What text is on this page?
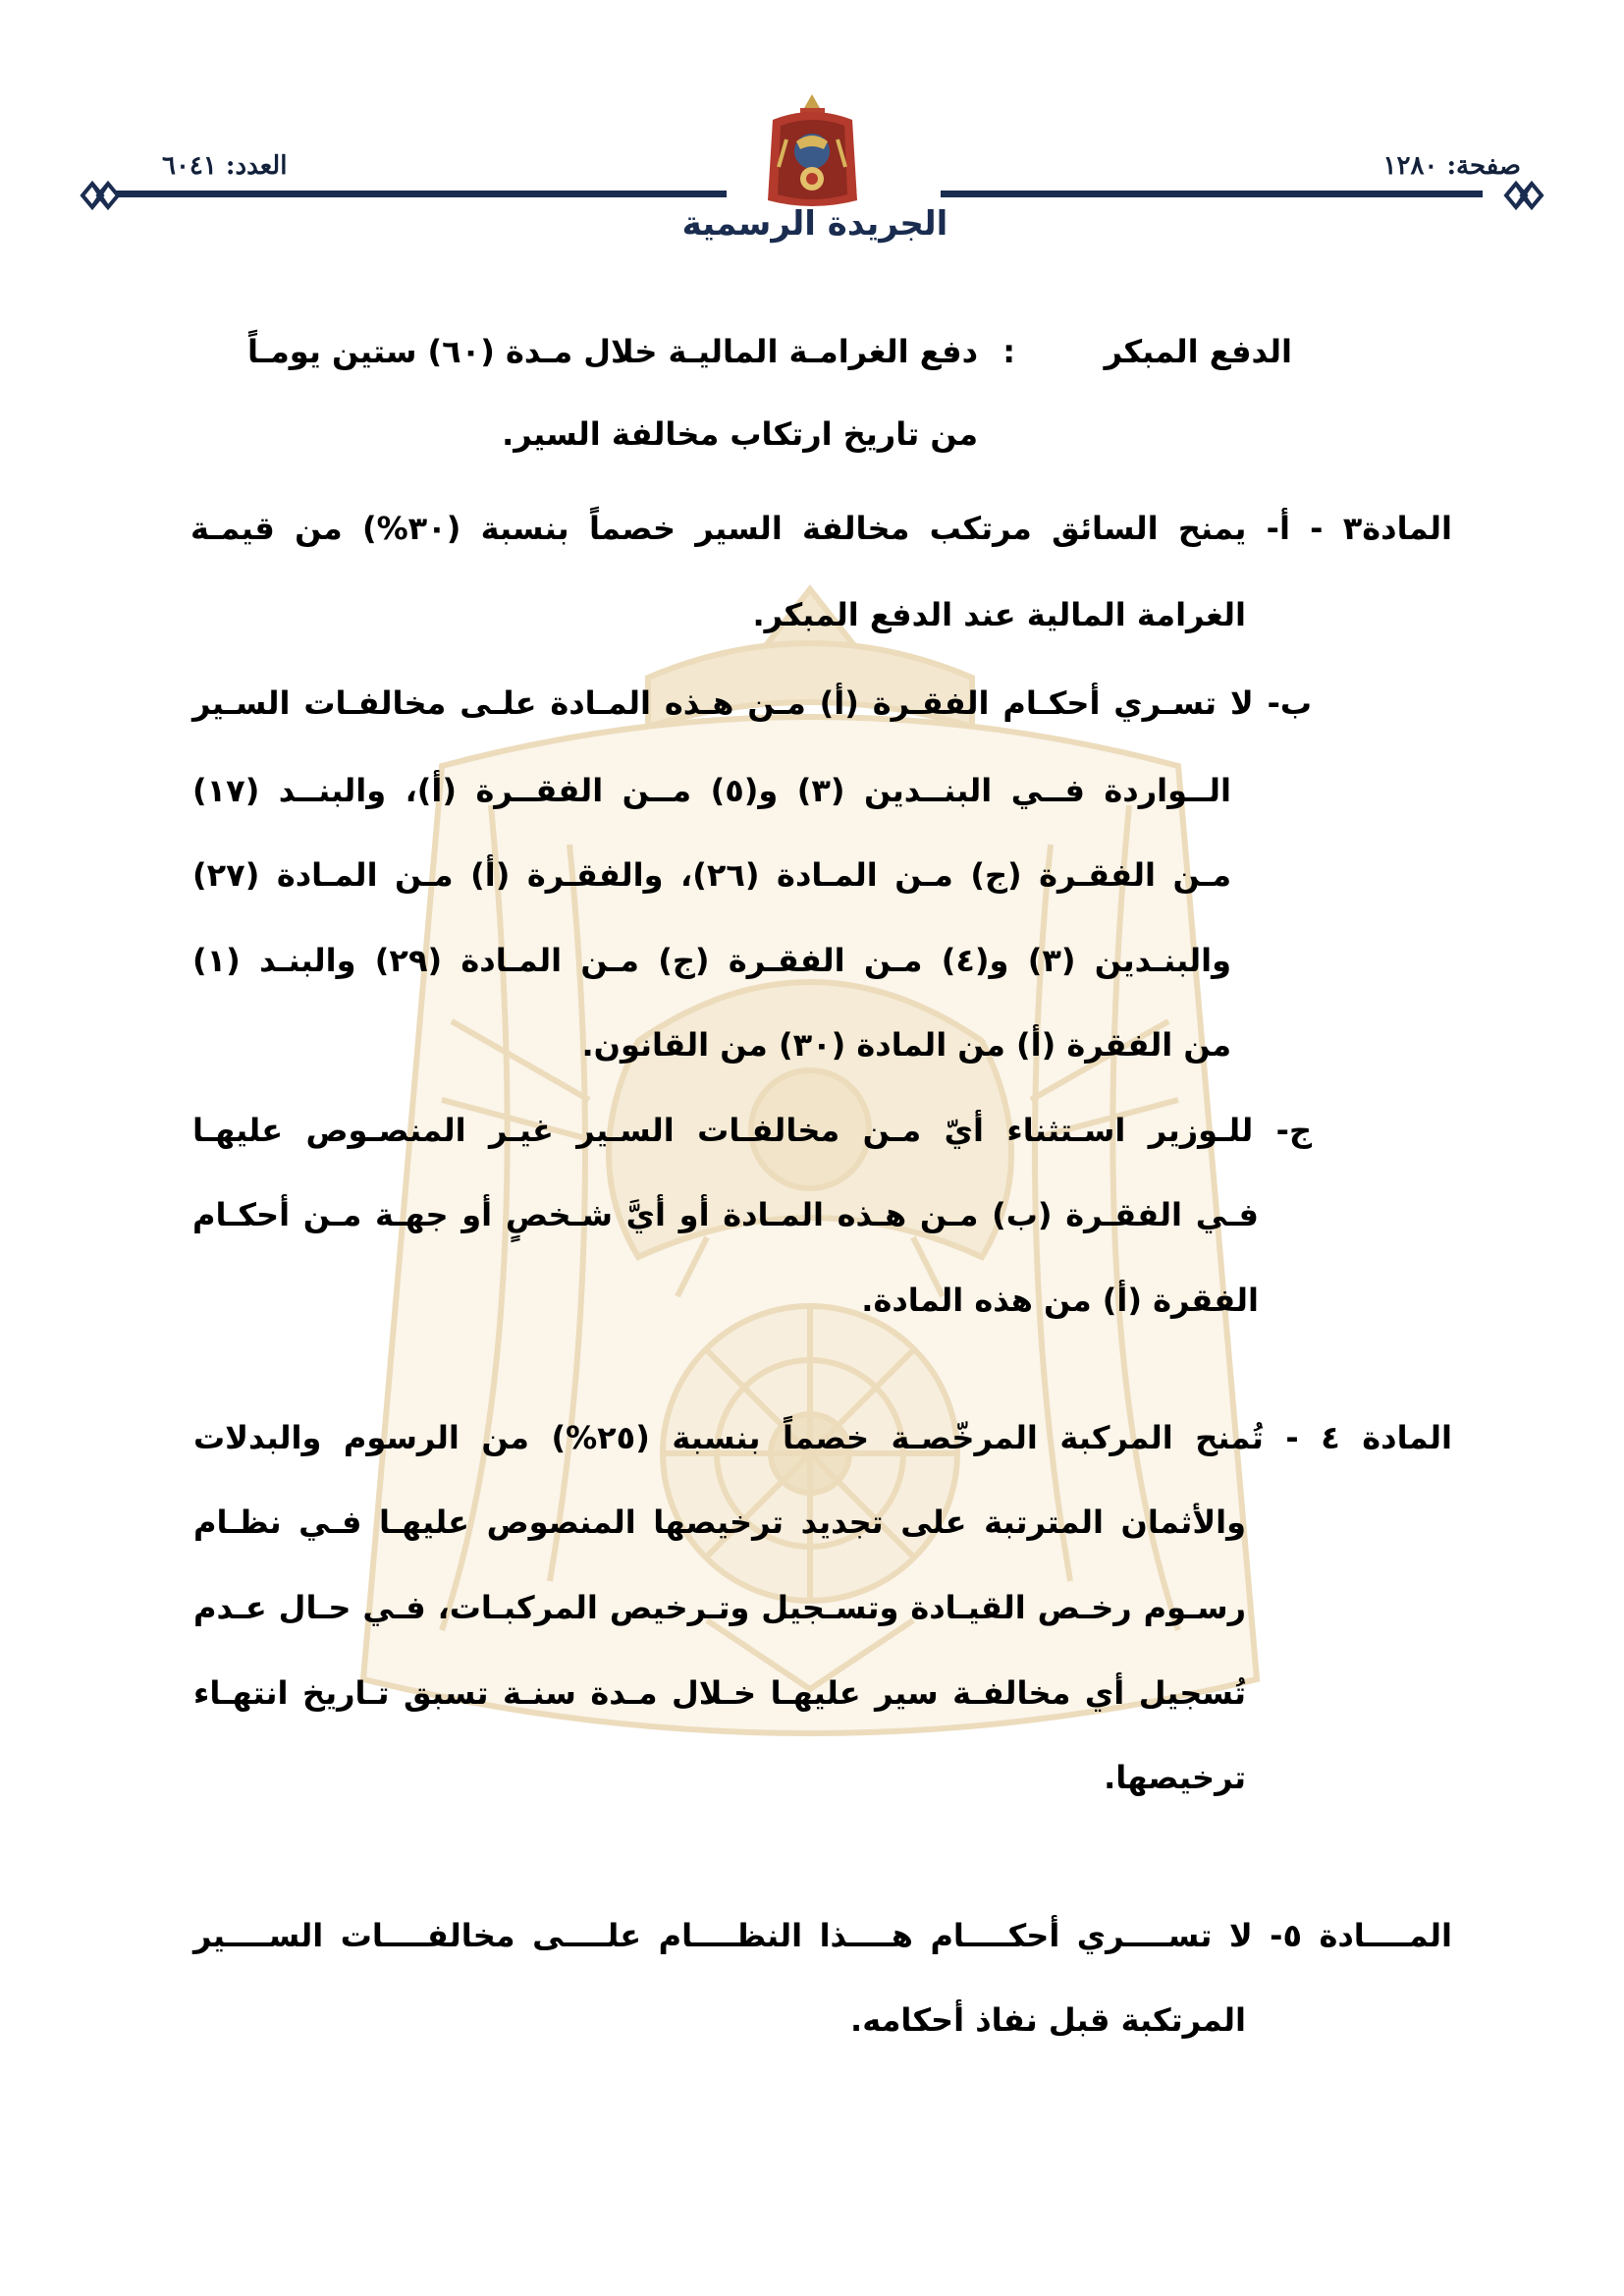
صفحة: ١٢٨٠
العدد: ٦٠٤١
الجريدة الرسمية
الدفع المبكر
:
دفع الغرامـة الماليـة خلال مـدة (٦٠) ستين يومـاً
من تاريخ ارتكاب مخالفة السير.
المادة٣ - أ- يمنح السائق مرتكب مخالفة السير خصماً بنسبة (٣٠%) من قيمـة
الغرامة المالية عند الدفع المبكر.
ب- لا تسـري أحكـام الفقـرة (أ) مـن هـذه المـادة علـى مخالفـات السـير
الــواردة فــي البنــدين (٣) و(٥) مــن الفقــرة (أ)، والبنــد (١٧)
مـن الفقـرة (ج) مـن المـادة (٢٦)، والفقـرة (أ) مـن المـادة (٢٧)
والبنـدين (٣) و(٤) مـن الفقـرة (ج) مـن المـادة (٢٩) والبنـد (١)
من الفقرة (أ) من المادة (٣٠) من القانون.
ج- للـوزير اسـتثناء أيّ مـن مخالفـات السـير غيـر المنصـوص عليهـا
فـي الفقـرة (ب) مـن هـذه المـادة أو أيَّ شـخصٍ أو جهـة مـن أحكـام
الفقرة (أ) من هذه المادة.
المادة ٤ - تُمنح المركبة المرخّصـة خصماً بنسبة (٢٥%) من الرسوم والبدلات
والأثمان المترتبة على تجديد ترخيصها المنصوص عليهـا فـي نظـام
رسـوم رخـص القيـادة وتسـجيل وتـرخيص المركبـات، فـي حـال عـدم
تُسجيل أي مخالفـة سير عليهـا خـلال مـدة سنـة تسبق تـاريخ انتهـاء
ترخيصها.
المــــادة ٥- لا تســــري أحكــــام هــــذا النظــــام علــــى مخالفــــات الســــير
المرتكبة قبل نفاذ أحكامه.
